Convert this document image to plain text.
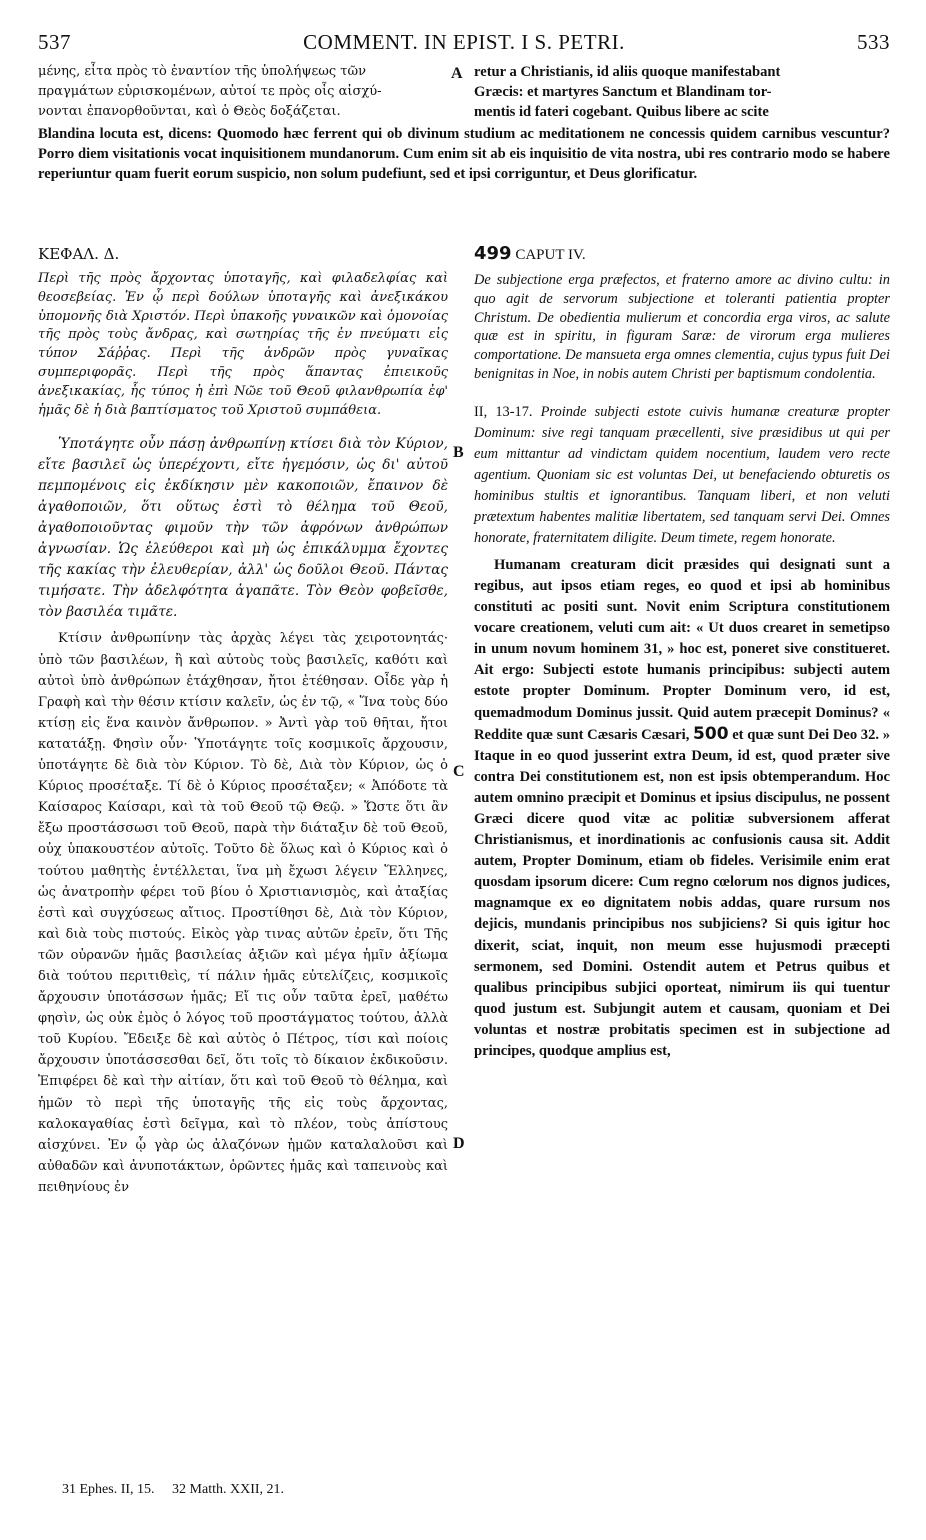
537	COMMENT. IN EPIST. I S. PETRI.	533

μένης, εἶτα πρὸς τὸ ἐναντίον τῆς ὑπολήψεως τῶν

πραγμάτων εὑρισκομένων, αὐτοί τε πρὸς οἷς αἰσχύ-

νονται ἐπανορθοῦνται, καὶ ὁ Θεὸς δοξάζεται.

retur a Christianis, id aliis quoque manifestabant

Græcis: et martyres Sanctum et Blandinam tor-

mentis id fateri cogebant. Quibus libere ac scite

A

Blandina locuta est, dicens: Quomodo hæc ferrent qui ob divinum studium ac meditationem ne concessis quidem carnibus vescuntur? Porro diem visitationis vocat inquisitionem mundanorum. Cum enim sit ab eis inquisitio de vita nostra, ubi res contrario modo se habere reperiuntur quam fuerit eorum suspicio, non solum pudefiunt, sed et ipsi corriguntur, et Deus glorificatur.

ΚΕΦΑΛ. Δ.

Περὶ τῆς πρὸς ἄρχοντας ὑποταγῆς, καὶ φιλαδελφίας καὶ θεοσεβείας. Ἐν ᾧ περὶ δούλων ὑποταγῆς καὶ ἀνεξικάκου ὑπομονῆς διὰ Χριστόν. Περὶ ὑπακοῆς γυναικῶν καὶ ὁμονοίας τῆς πρὸς τοὺς ἄνδρας, καὶ σωτηρίας τῆς ἐν πνεύματι εἰς τύπον Σάῤῥας. Περὶ τῆς ἀνδρῶν πρὸς γυναῖκας συμπεριφορᾶς. Περὶ τῆς πρὸς ἅπαντας ἐπιεικοῦς ἀνεξικακίας, ἧς τύπος ἡ ἐπὶ Νῶε τοῦ Θεοῦ φιλανθρωπία ἐφ' ἡμᾶς δὲ ἡ διὰ βαπτίσματος τοῦ Χριστοῦ συμπάθεια.

Ὑποτάγητε οὖν πάσῃ ἀνθρωπίνῃ κτίσει διὰ τὸν Κύριον, εἴτε βασιλεῖ ὡς ὑπερέχοντι, εἴτε ἡγεμόσιν, ὡς δι' αὐτοῦ πεμπομένοις εἰς ἐκδίκησιν μὲν κακοποιῶν, ἔπαινον δὲ ἀγαθοποιῶν, ὅτι οὕτως ἐστὶ τὸ θέλημα τοῦ Θεοῦ, ἀγαθοποιοῦντας φιμοῦν τὴν τῶν ἀφρόνων ἀνθρώπων ἀγνωσίαν. Ὡς ἐλεύθεροι καὶ μὴ ὡς ἐπικάλυμμα ἔχοντες τῆς κακίας τὴν ἐλευθερίαν, ἀλλ' ὡς δοῦλοι Θεοῦ. Πάντας τιμήσατε. Τὴν ἀδελφότητα ἀγαπᾶτε. Τὸν Θεὸν φοβεῖσθε, τὸν βασιλέα τιμᾶτε.

Κτίσιν ἀνθρωπίνην τὰς ἀρχὰς λέγει τὰς χειροτονητάς· ὑπὸ τῶν βασιλέων, ἢ καὶ αὐτοὺς τοὺς βασιλεῖς, καθότι καὶ αὐτοὶ ὑπὸ ἀνθρώπων ἐτάχθησαν, ἤτοι ἐτέθησαν. Οἶδε γὰρ ἡ Γραφὴ καὶ τὴν θέσιν κτίσιν καλεῖν, ὡς ἐν τῷ, « Ἵνα τοὺς δύο κτίσῃ εἰς ἕνα καινὸν ἄνθρωπον. » Ἀντὶ γὰρ τοῦ θῆται, ἤτοι κατατάξῃ. Φησὶν οὖν· Ὑποτάγητε τοῖς κοσμικοῖς ἄρχουσιν, ὑποτάγητε δὲ διὰ τὸν Κύριον. Τὸ δὲ, Διὰ τὸν Κύριον, ὡς ὁ Κύριος προσέταξε. Τί δὲ ὁ Κύριος προσέταξεν; « Ἀπόδοτε τὰ Καίσαρος Καίσαρι, καὶ τὰ τοῦ Θεοῦ τῷ Θεῷ. » Ὥστε ὅτι ἂν ἔξω προστάσσωσι τοῦ Θεοῦ, παρὰ τὴν διάταξιν δὲ τοῦ Θεοῦ, οὐχ ὑπακουστέον αὐτοῖς. Τοῦτο δὲ ὅλως καὶ ὁ Κύριος καὶ ὁ τούτου μαθητὴς ἐντέλλεται, ἵνα μὴ ἔχωσι λέγειν Ἕλληνες, ὡς ἀνατροπὴν φέρει τοῦ βίου ὁ Χριστιανισμὸς, καὶ ἀταξίας ἐστὶ καὶ συγχύσεως αἴτιος. Προστίθησι δὲ, Διὰ τὸν Κύριον, καὶ διὰ τοὺς πιστούς. Εἰκὸς γὰρ τινας αὐτῶν ἐρεῖν, ὅτι Τῆς τῶν οὐρανῶν ἡμᾶς βασιλείας ἀξιῶν καὶ μέγα ἡμῖν ἀξίωμα διὰ τούτου περιτιθεὶς, τί πάλιν ἡμᾶς εὐτελίζεις, κοσμικοῖς ἄρχουσιν ὑποτάσσων ἡμᾶς; Εἴ τις οὖν ταῦτα ἐρεῖ, μαθέτω φησὶν, ὡς οὐκ ἐμὸς ὁ λόγος τοῦ προστάγματος τούτου, ἀλλὰ τοῦ Κυρίου. Ἔδειξε δὲ καὶ αὐτὸς ὁ Πέτρος, τίσι καὶ ποίοις ἄρχουσιν ὑποτάσσεσθαι δεῖ, ὅτι τοῖς τὸ δίκαιον ἐκδικοῦσιν. Ἐπιφέρει δὲ καὶ τὴν αἰτίαν, ὅτι καὶ τοῦ Θεοῦ τὸ θέλημα, καὶ ἡμῶν τὸ περὶ τῆς ὑποταγῆς τῆς εἰς τοὺς ἄρχοντας, καλοκαγαθίας ἐστὶ δεῖγμα, καὶ τὸ πλέον, τοὺς ἀπίστους αἰσχύνει. Ἐν ᾧ γὰρ ὡς ἀλαζόνων ἡμῶν καταλαλοῦσι καὶ αὐθαδῶν καὶ ἀνυποτάκτων, ὁρῶντες ἡμᾶς καὶ ταπεινοὺς καὶ πειθηνίους ἐν

B
C
D

499 CAPUT IV.

De subjectione erga præfectos, et fraterno amore ac divino cultu: in quo agit de servorum subjectione et toleranti patientia propter Christum. De obedientia mulierum et concordia erga viros, ac salute quæ est in spiritu, in figuram Saræ: de virorum erga mulieres comportatione. De mansueta erga omnes clementia, cujus typus fuit Dei benignitas in Noe, in nobis autem Christi per baptismum condolentia.

II, 13-17. Proinde subjecti estote cuivis humanæ creaturæ propter Dominum: sive regi tanquam præcellenti, sive præsidibus ut qui per eum mittantur ad vindictam quidem nocentium, laudem vero recte agentium. Quoniam sic est voluntas Dei, ut benefaciendo obturetis os hominibus stultis et ignorantibus. Tanquam liberi, et non veluti prætextum habentes malitiæ libertatem, sed tanquam servi Dei. Omnes honorate, fraternitatem diligite. Deum timete, regem honorate.

Humanam creaturam dicit præsides qui designati sunt a regibus, aut ipsos etiam reges, eo quod et ipsi ab hominibus constituti ac positi sunt. Novit enim Scriptura constitutionem vocare creationem, veluti cum ait: « Ut duos crearet in semetipso in unum novum hominem 31, » hoc est, poneret sive constitueret. Ait ergo: Subjecti estote humanis principibus: subjecti autem estote propter Dominum. Propter Dominum vero, id est, quemadmodum Dominus jussit. Quid autem præcepit Dominus? « Reddite quæ sunt Cæsaris Cæsari, 500 et quæ sunt Dei Deo 32. » Itaque in eo quod jusserint extra Deum, id est, quod præter sive contra Dei constitutionem est, non est ipsis obtemperandum. Hoc autem omnino præcipit et Dominus et ipsius discipulus, ne possent Græci dicere quod vitæ ac politiæ subversionem afferat Christianismus, et inordinationis ac confusionis causa sit. Addit autem, Propter Dominum, etiam ob fideles. Verisimile enim erat quosdam ipsorum dicere: Cum regno cœlorum nos dignos judices, magnamque ex eo dignitatem nobis addas, quare rursum nos dejicis, mundanis principibus nos subjiciens? Si quis igitur hoc dixerit, sciat, inquit, non meum esse hujusmodi præcepti sermonem, sed Domini. Ostendit autem et Petrus quibus et qualibus principibus subjici oporteat, nimirum iis qui tuentur quod justum est. Subjungit autem et causam, quoniam et Dei voluntas et nostræ probitatis specimen est in subjectione ad principes, quodque amplius est,

31 Ephes. II, 15. 32 Matth. XXII, 21.
